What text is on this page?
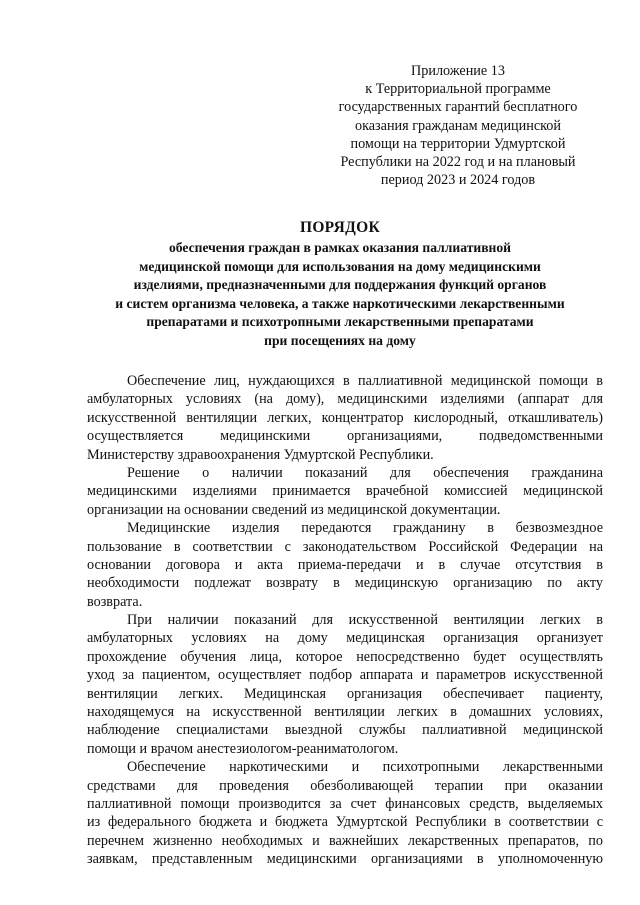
Приложение 13
к Территориальной программе
государственных гарантий бесплатного
оказания гражданам медицинской
помощи на территории Удмуртской
Республики на 2022 год и на плановый
период 2023 и 2024 годов
ПОРЯДОК
обеспечения граждан в рамках оказания паллиативной
медицинской помощи для использования на дому медицинскими
изделиями, предназначенными для поддержания функций органов
и систем организма человека, а также наркотическими лекарственными
препаратами и психотропными лекарственными препаратами
при посещениях на дому
Обеспечение лиц, нуждающихся в паллиативной медицинской помощи в
амбулаторных условиях (на дому), медицинскими изделиями (аппарат для
искусственной вентиляции легких, концентратор кислородный, откашливатель)
осуществляется медицинскими организациями, подведомственными
Министерству здравоохранения Удмуртской Республики.
Решение о наличии показаний для обеспечения гражданина
медицинскими изделиями принимается врачебной комиссией медицинской
организации на основании сведений из медицинской документации.
Медицинские изделия передаются гражданину в безвозмездное
пользование в соответствии с законодательством Российской Федерации на
основании договора и акта приема-передачи и в случае отсутствия в
необходимости подлежат возврату в медицинскую организацию по акту
возврата.
При наличии показаний для искусственной вентиляции легких в
амбулаторных условиях на дому медицинская организация организует
прохождение обучения лица, которое непосредственно будет осуществлять
уход за пациентом, осуществляет подбор аппарата и параметров искусственной
вентиляции легких. Медицинская организация обеспечивает пациенту,
находящемуся на искусственной вентиляции легких в домашних условиях,
наблюдение специалистами выездной службы паллиативной медицинской
помощи и врачом анестезиологом-реаниматологом.
Обеспечение наркотическими и психотропными лекарственными
средствами для проведения обезболивающей терапии при оказании
паллиативной помощи производится за счет финансовых средств, выделяемых
из федерального бюджета и бюджета Удмуртской Республики в соответствии с
перечнем жизненно необходимых и важнейших лекарственных препаратов, по
заявкам, представленным медицинскими организациями в уполномоченную
